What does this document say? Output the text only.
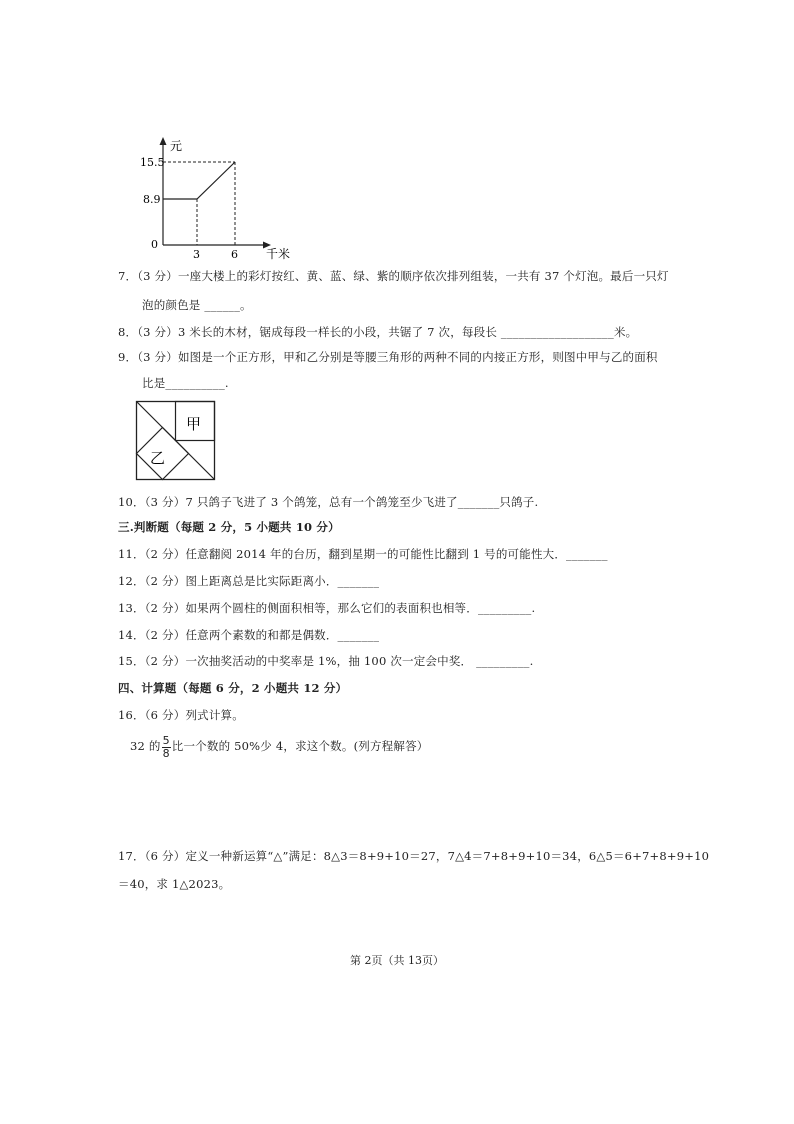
元
15.5
8.9
0
3	6 千米
7．（3 分）一座大楼上的彩灯按红、黄、蓝、绿、紫的顺序依次排列组装，一共有 37 个灯泡。最后一只灯
泡的颜色是 ______。
8．（3 分）3 米长的木材，锯成每段一样长的小段，共锯了 7 次，每段长 ___________________米。
9．（3 分）如图是一个正方形，甲和乙分别是等腰三角形的两种不同的内接正方形，则图中甲与乙的面积
比是__________.
甲
乙
10．（3 分）7 只鸽子飞进了 3 个鸽笼，总有一个鸽笼至少飞进了_______只鸽子.
三.判断题（每题 2 分，5 小题共 10 分）
11．（2 分）任意翻阅 2014 年的台历，翻到星期一的可能性比翻到 1 号的可能性大．_______
12．（2 分）图上距离总是比实际距离小．_______
13．（2 分）如果两个圆柱的侧面积相等，那么它们的表面积也相等．_________.
14．（2 分）任意两个素数的和都是偶数．_______
15．（2 分）一次抽奖活动的中奖率是 1%，抽 100 次一定会中奖． _________.
四、计算题（每题 6 分，2 小题共 12 分）
16．（6 分）列式计算。
32 的 $\frac{5}{8}$ 比一个数的 50%少 4，求这个数。(列方程解答）
17．（6 分）定义一种新运算“△”满足：8△3＝8+9+10＝27，7△4＝7+8+9+10＝34，6△5＝6+7+8+9+10
＝40，求 1△2023。
第 2页（共 13页）
